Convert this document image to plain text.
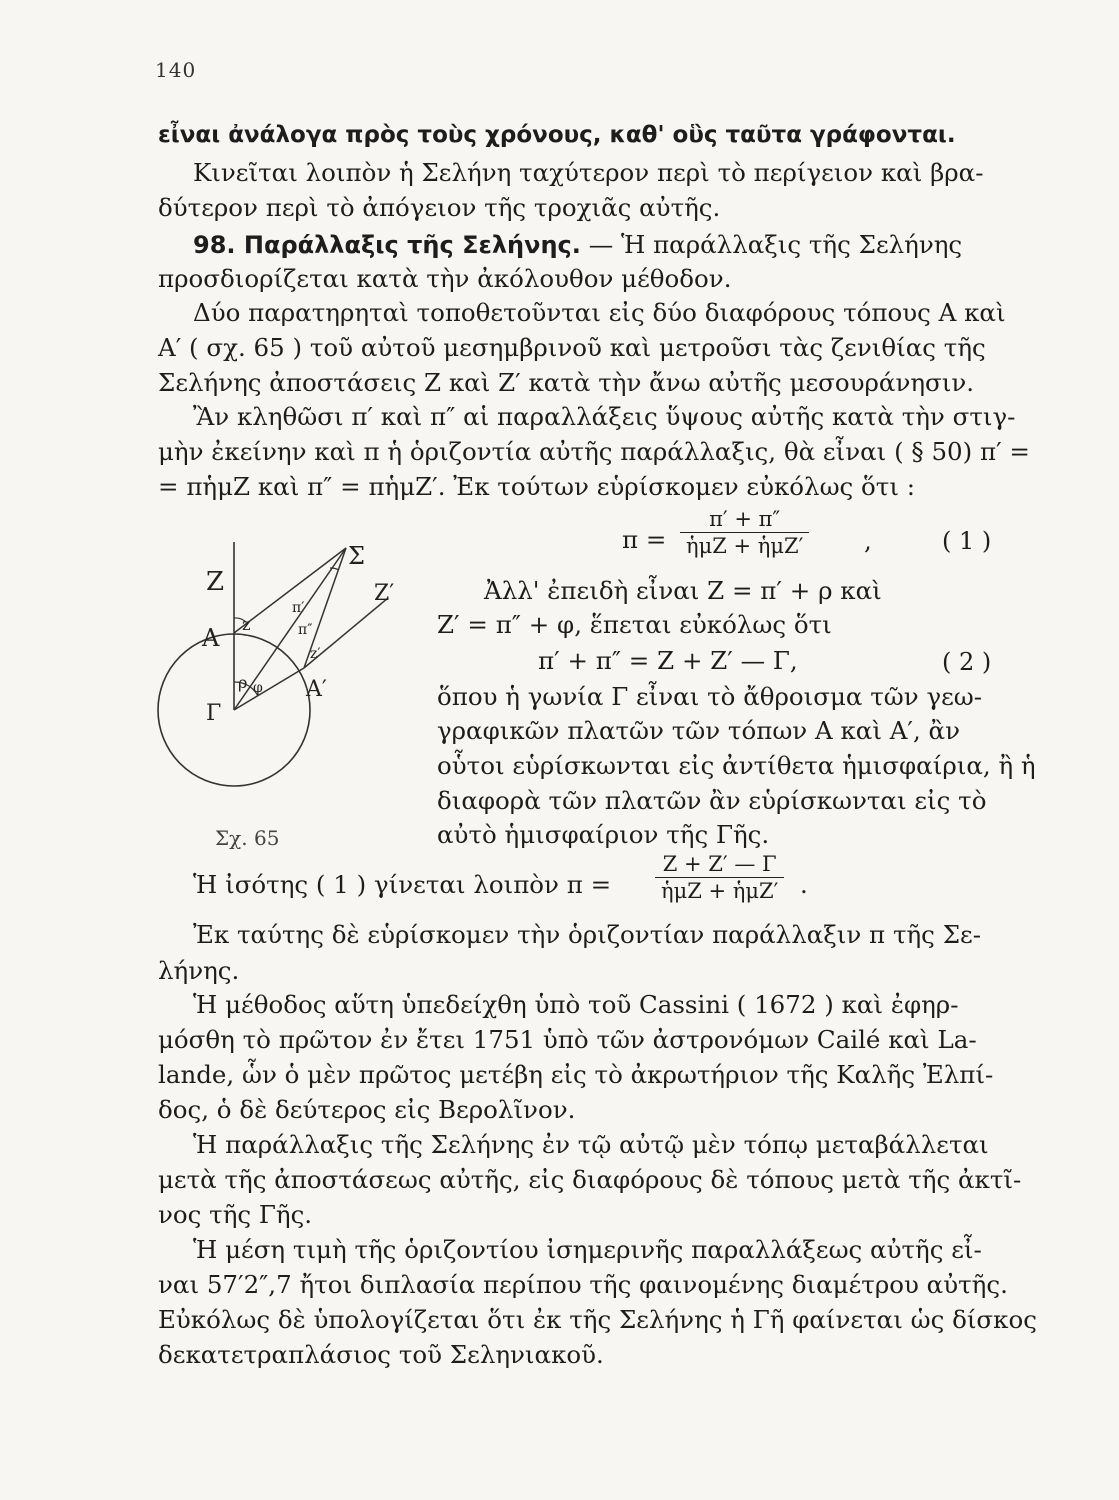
140
εἶναι ἀνάλογα πρὸς τοὺς χρόνους, καθ' οὓς ταῦτα γράφονται.
Κινεῖται λοιπὸν ἡ Σελήνη ταχύτερον περὶ τὸ περίγειον καὶ βρα-
δύτερον περὶ τὸ ἀπόγειον τῆς τροχιᾶς αὐτῆς.
98. Παράλλαξις τῆς Σελήνης. — Ἡ παράλλαξις τῆς Σελήνης
προσδιορίζεται κατὰ τὴν ἀκόλουθον μέθοδον.
Δύο παρατηρηταὶ τοποθετοῦνται εἰς δύο διαφόρους τόπους Α καὶ
Α′ ( σχ. 65 ) τοῦ αὐτοῦ μεσημβρινοῦ καὶ μετροῦσι τὰς ζενιθίας τῆς
Σελήνης ἀποστάσεις Ζ καὶ Ζ′ κατὰ τὴν ἄνω αὐτῆς μεσουράνησιν.
Ἂν κληθῶσι π′ καὶ π″ αἱ παραλλάξεις ὕψους αὐτῆς κατὰ τὴν στιγ-
μὴν ἐκείνην καὶ π ἡ ὁριζοντία αὐτῆς παράλλαξις, θὰ εἶναι ( § 50) π′ =
= πἡμΖ καὶ π″ = πἡμΖ′. Ἐκ τούτων εὑρίσκομεν εὐκόλως ὅτι :
π =
π′ + π″
ἡμΖ + ἡμΖ′ ,	( 1 )
Ἀλλ' ἐπειδὴ εἶναι Ζ = π′ + ρ καὶ
Ζ′ = π″ + φ, ἕπεται εὐκόλως ὅτι
π′ + π″ = Ζ + Ζ′ — Γ,	( 2 )
ὅπου ἡ γωνία Γ εἶναι τὸ ἄθροισμα τῶν γεω-
γραφικῶν πλατῶν τῶν τόπων Α καὶ Α′, ἂν
οὗτοι εὑρίσκωνται εἰς ἀντίθετα ἡμισφαίρια, ἢ ἡ
διαφορὰ τῶν πλατῶν ἂν εὑρίσκωνται εἰς τὸ
αὐτὸ ἡμισφαίριον τῆς Γῆς.
Ζ
Σ
Ζ′
z
π′
π″
z′
Α
ρ φ Α′
Γ
Σχ. 65
Ἡ ἰσότης ( 1 ) γίνεται λοιπὸν π =
Ζ + Ζ′ — Γ
ἡμΖ + ἡμΖ′ .
Ἐκ ταύτης δὲ εὑρίσκομεν τὴν ὁριζοντίαν παράλλαξιν π τῆς Σε-
λήνης.
Ἡ μέθοδος αὕτη ὑπεδείχθη ὑπὸ τοῦ Cassini ( 1672 ) καὶ ἐφηρ-
μόσθη τὸ πρῶτον ἐν ἔτει 1751 ὑπὸ τῶν ἀστρονόμων Cailé καὶ La-
lande, ὧν ὁ μὲν πρῶτος μετέβη εἰς τὸ ἀκρωτήριον τῆς Καλῆς Ἐλπί-
δος, ὁ δὲ δεύτερος εἰς Βερολῖνον.
Ἡ παράλλαξις τῆς Σελήνης ἐν τῷ αὐτῷ μὲν τόπῳ μεταβάλλεται
μετὰ τῆς ἀποστάσεως αὐτῆς, εἰς διαφόρους δὲ τόπους μετὰ τῆς ἀκτῖ-
νος τῆς Γῆς.
Ἡ μέση τιμὴ τῆς ὁριζοντίου ἰσημερινῆς παραλλάξεως αὐτῆς εἶ-
ναι 57′2″,7 ἤτοι διπλασία περίπου τῆς φαινομένης διαμέτρου αὐτῆς.
Εὐκόλως δὲ ὑπολογίζεται ὅτι ἐκ τῆς Σελήνης ἡ Γῆ φαίνεται ὡς δίσκος
δεκατετραπλάσιος τοῦ Σεληνιακοῦ.
